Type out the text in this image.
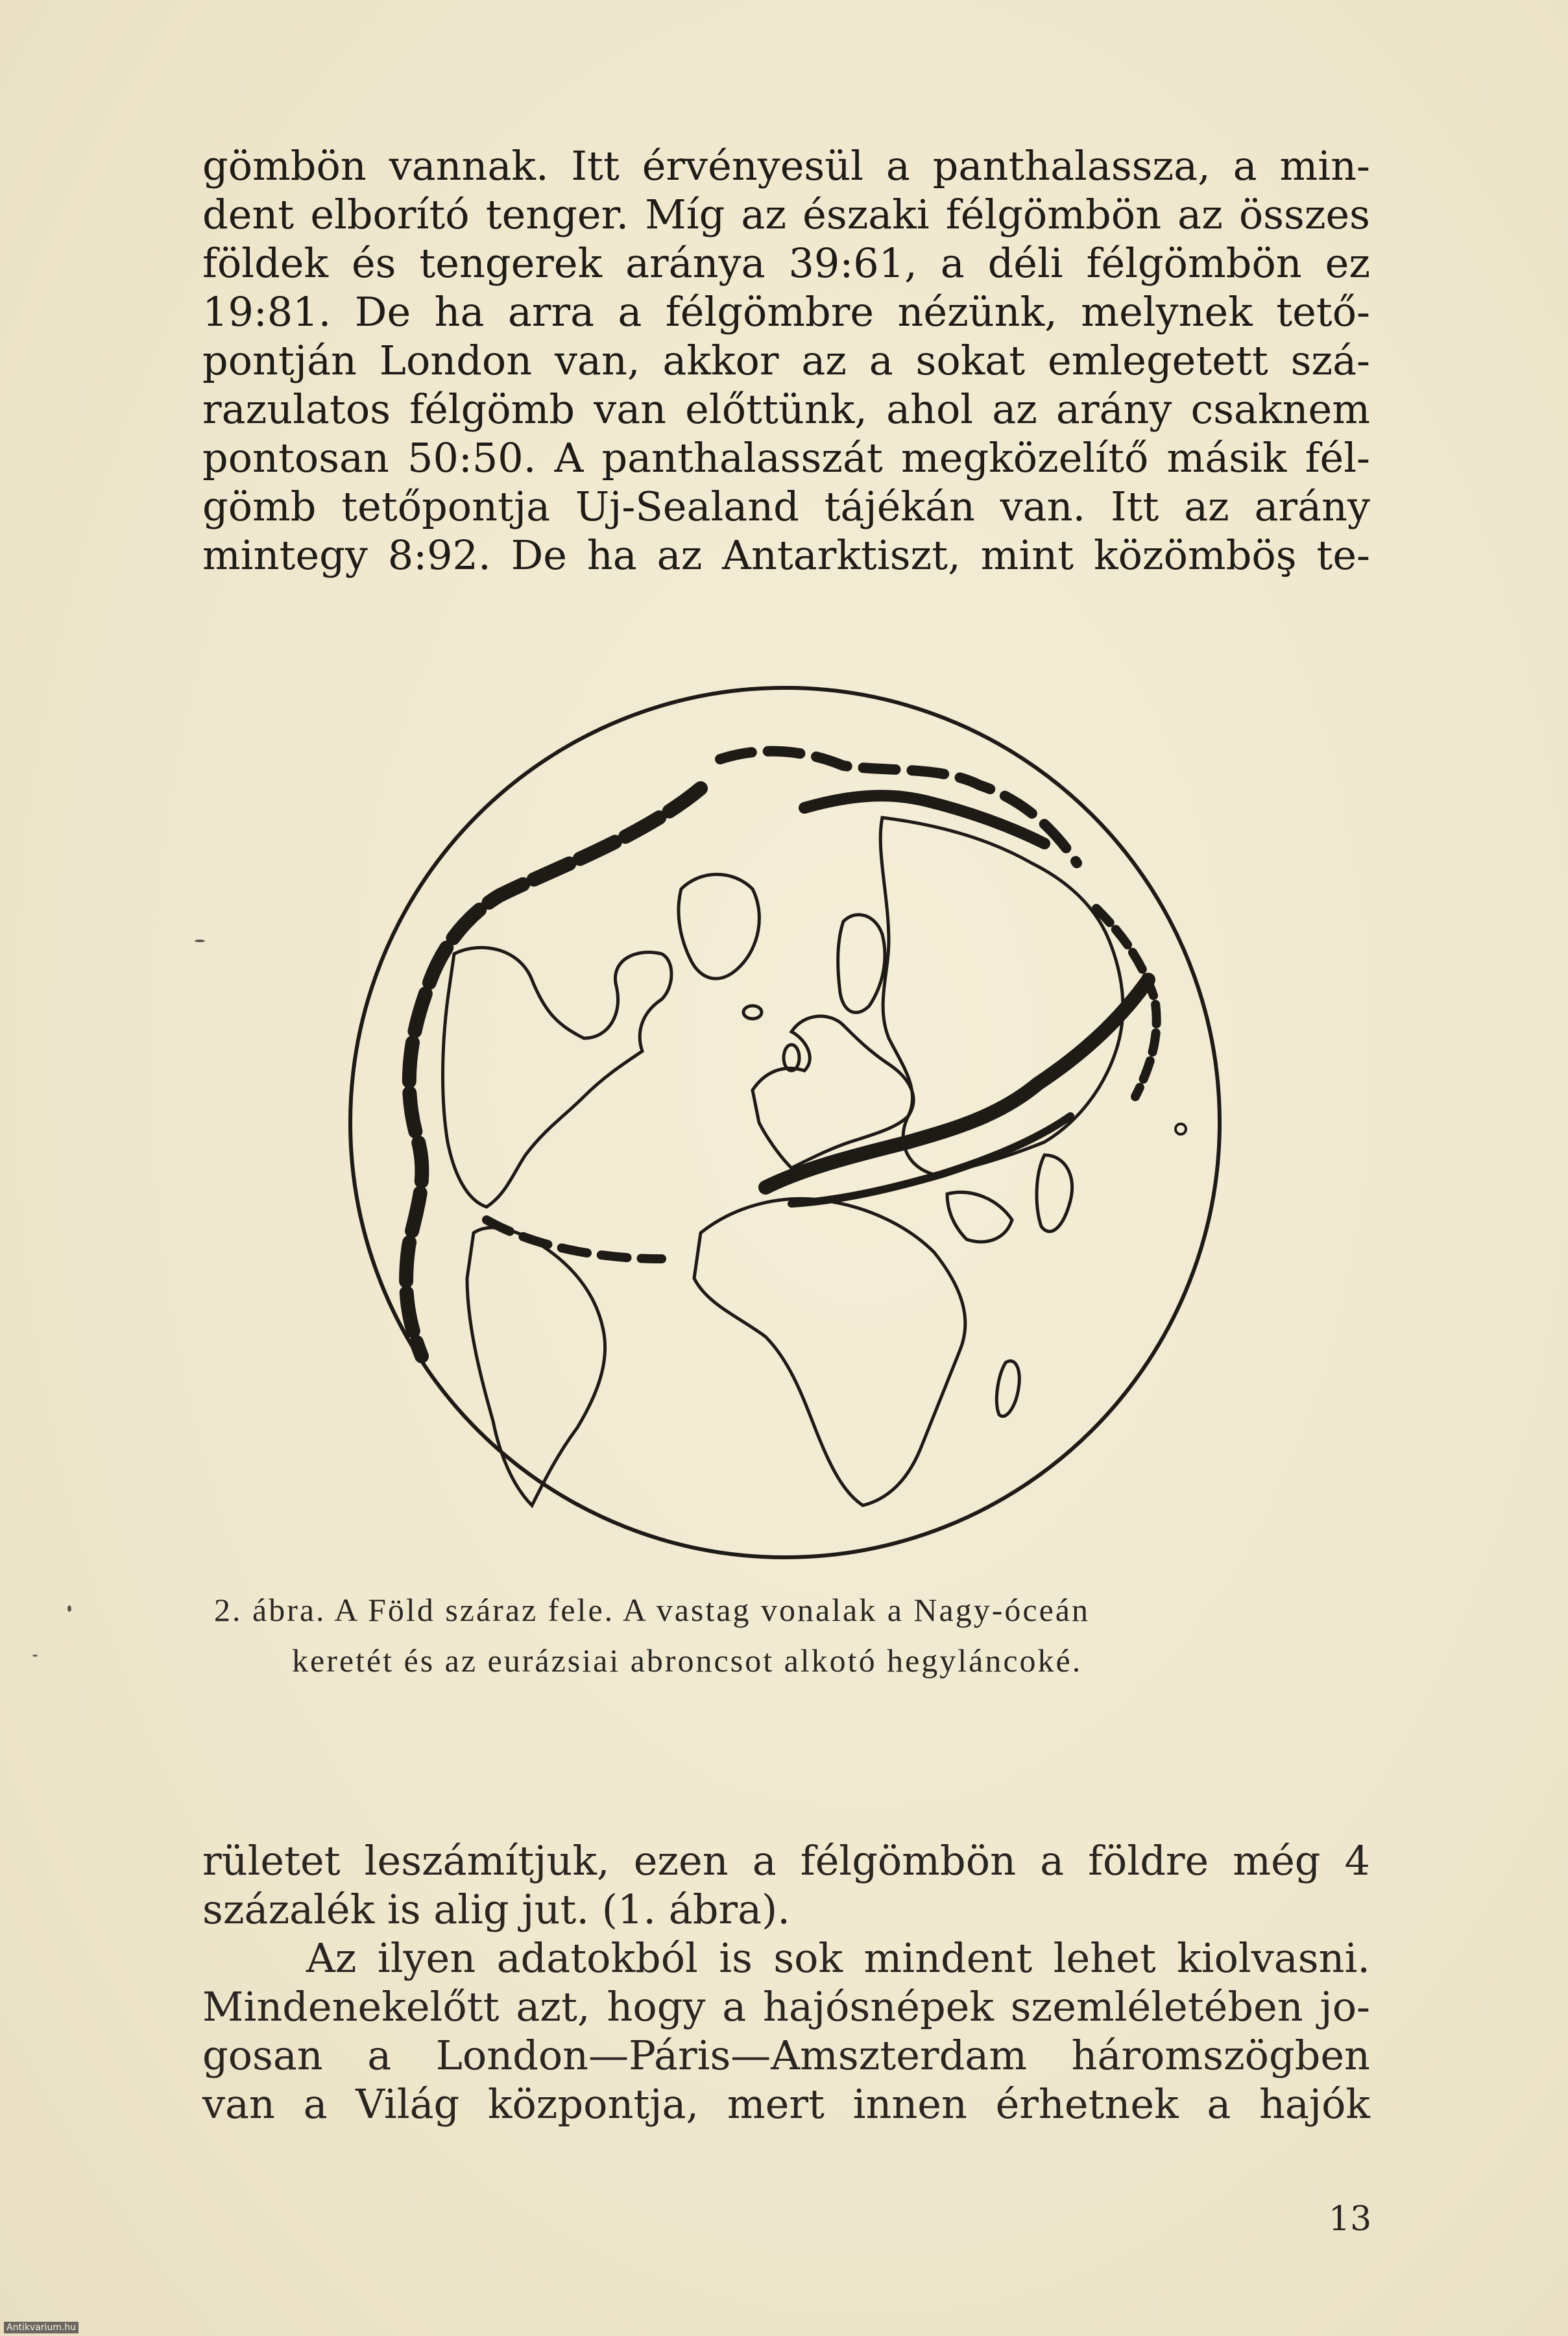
gömbön vannak. Itt érvényesül a panthalassza, a min-
dent elborító tenger. Míg az északi félgömbön az összes
földek és tengerek aránya 39:61, a déli félgömbön ez
19:81. De ha arra a félgömbre nézünk, melynek tető-
pontján London van, akkor az a sokat emlegetett szá-
razulatos félgömb van előttünk, ahol az arány csaknem
pontosan 50:50. A panthalasszát megközelítő másik fél-
gömb tetőpontja Uj-Sealand tájékán van. Itt az arány
mintegy 8:92. De ha az Antarktiszt, mint közömböş te-
2. ábra. A Föld száraz fele. A vastag vonalak a Nagy-óceán
keretét és az eurázsiai abroncsot alkotó hegyláncoké.
rületet leszámítjuk, ezen a félgömbön a földre még 4
százalék is alig jut. (1. ábra).
Az ilyen adatokból is sok mindent lehet kiolvasni.
Mindenekelőtt azt, hogy a hajósnépek szemléletében jo-
gosan a London—Páris—Amszterdam háromszögben
van a Világ központja, mert innen érhetnek a hajók
13
Antikvarium.hu
